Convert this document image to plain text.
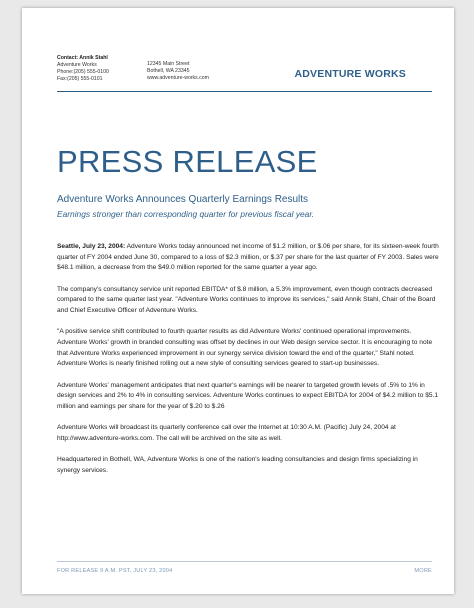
Contact: Annik Stahl
Adventure Works
Phone:(205) 555-0100
Fax:(205) 555-0101
12345 Main Street
Bothell, WA 23345
www.adventure-works.com	ADVENTURE WORKS
PRESS RELEASE
Adventure Works Announces Quarterly Earnings Results
Earnings stronger than corresponding quarter for previous fiscal year.

Seattle, July 23, 2004: Adventure Works today announced net income of $1.2 million, or $.06 per share, for its sixteen-week fourth quarter of FY 2004 ended June 30, compared to a loss of $2.3 million, or $.37 per share for the last quarter of FY 2003. Sales were $48.1 million, a decrease from the $49.0 million reported for the same quarter a year ago.

The company's consultancy service unit reported EBITDA* of $.8 million, a 5.3% improvement, even though contracts decreased compared to the same quarter last year. "Adventure Works continues to improve its services," said Annik Stahl, Chair of the Board and Chief Executive Officer of Adventure Works.

"A positive service shift contributed to fourth quarter results as did Adventure Works' continued operational improvements. Adventure Works' growth in branded consulting was offset by declines in our Web design service sector. It is encouraging to note that Adventure Works experienced improvement in our synergy service division toward the end of the quarter," Stahl noted. Adventure Works is nearly finished rolling out a new style of consulting services geared to start-up businesses.

Adventure Works' management anticipates that next quarter's earnings will be nearer to targeted growth levels of .5% to 1% in design services and 2% to 4% in consulting services. Adventure Works continues to expect EBITDA for 2004 of $4.2 million to $5.1 million and earnings per share for the year of $.20 to $.26

Adventure Works will broadcast its quarterly conference call over the Internet at 10:30 A.M. (Pacific) July 24, 2004 at http://www.adventure-works.com. The call will be archived on the site as well.

Headquartered in Bothell, WA, Adventure Works is one of the nation's leading consultancies and design firms specializing in synergy services.

FOR RELEASE 9 A.M. PST, JULY 23, 2004	MORE
